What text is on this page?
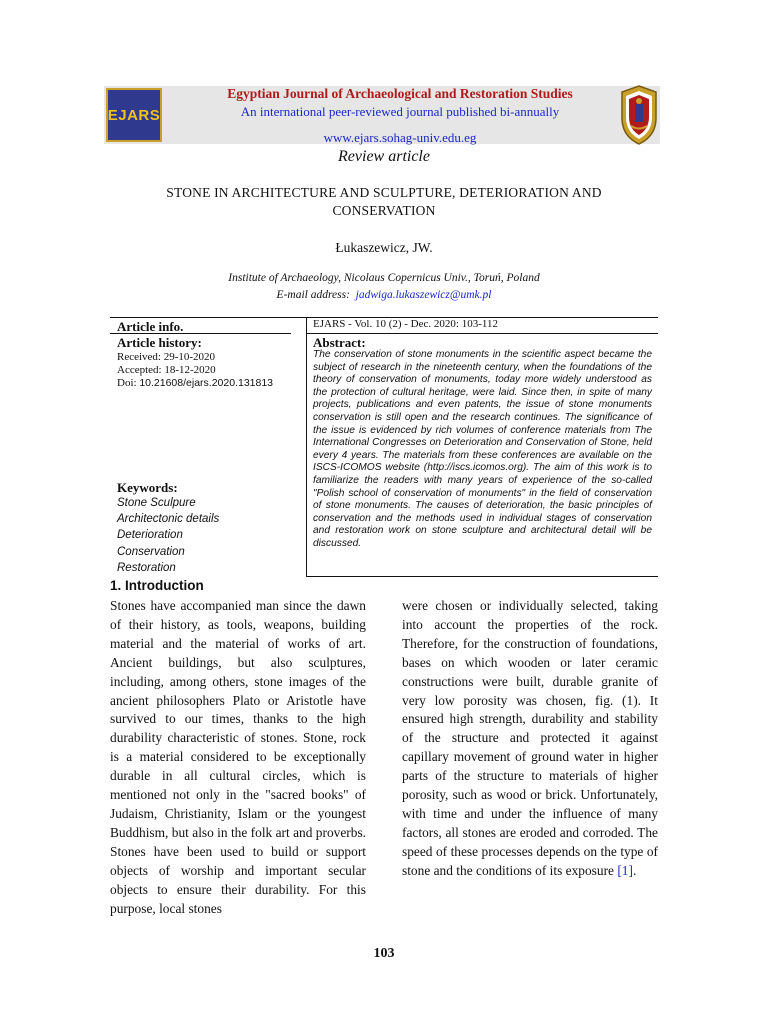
EJARS
Egyptian Journal of Archaeological and Restoration Studies
An international peer-reviewed journal published bi-annually
www.ejars.sohag-univ.edu.eg
Review article
STONE IN ARCHITECTURE AND SCULPTURE, DETERIORATION AND
CONSERVATION
Łukaszewicz, JW.
Institute of Archaeology, Nicolaus Copernicus Univ., Toruń, Poland
E-mail address: jadwiga.lukaszewicz@umk.pl
Article info.
Article history:
Received: 29-10-2020
Accepted: 18-12-2020
Doi: 10.21608/ejars.2020.131813
Keywords:
Stone Sculpure
Architectonic details
Deterioration
Conservation
Restoration
EJARS - Vol. 10 (2) - Dec. 2020: 103-112
Abstract:

The conservation of stone monuments in the scientific aspect became the subject of research in the nineteenth century, when the foundations of the theory of conservation of monuments, today more widely understood as the protection of cultural heritage, were laid. Since then, in spite of many projects, publications and even patents, the issue of stone monuments conservation is still open and the research continues. The significance of the issue is evidenced by rich volumes of conference materials from The International Congresses on Deterioration and Conservation of Stone, held every 4 years. The materials from these conferences are available on the ISCS-ICOMOS website (http://iscs.icomos.org). The aim of this work is to familiarize the readers with many years of experience of the so-called "Polish school of conservation of monuments" in the field of conservation of stone monuments. The causes of deterioration, the basic principles of conservation and the methods used in individual stages of conservation and restoration work on stone sculpture and architectural detail will be discussed.

1. Introduction

Stones have accompanied man since the dawn of their history, as tools, weapons, building material and the material of works of art. Ancient buildings, but also sculptures, including, among others, stone images of the ancient philosophers Plato or Aristotle have survived to our times, thanks to the high durability characteristic of stones. Stone, rock is a material considered to be exceptionally durable in all cultural circles, which is mentioned not only in the "sacred books" of Judaism, Christianity, Islam or the youngest Buddhism, but also in the folk art and proverbs. Stones have been used to build or support objects of worship and important secular objects to ensure their durability. For this purpose, local stones

were chosen or individually selected, taking into account the properties of the rock. Therefore, for the construction of foundations, bases on which wooden or later ceramic constructions were built, durable granite of very low porosity was chosen, fig. (1). It ensured high strength, durability and stability of the structure and protected it against capillary movement of ground water in higher parts of the structure to materials of higher porosity, such as wood or brick. Unfortunately, with time and under the influence of many factors, all stones are eroded and corroded. The speed of these processes depends on the type of stone and the conditions of its exposure [1].

103
